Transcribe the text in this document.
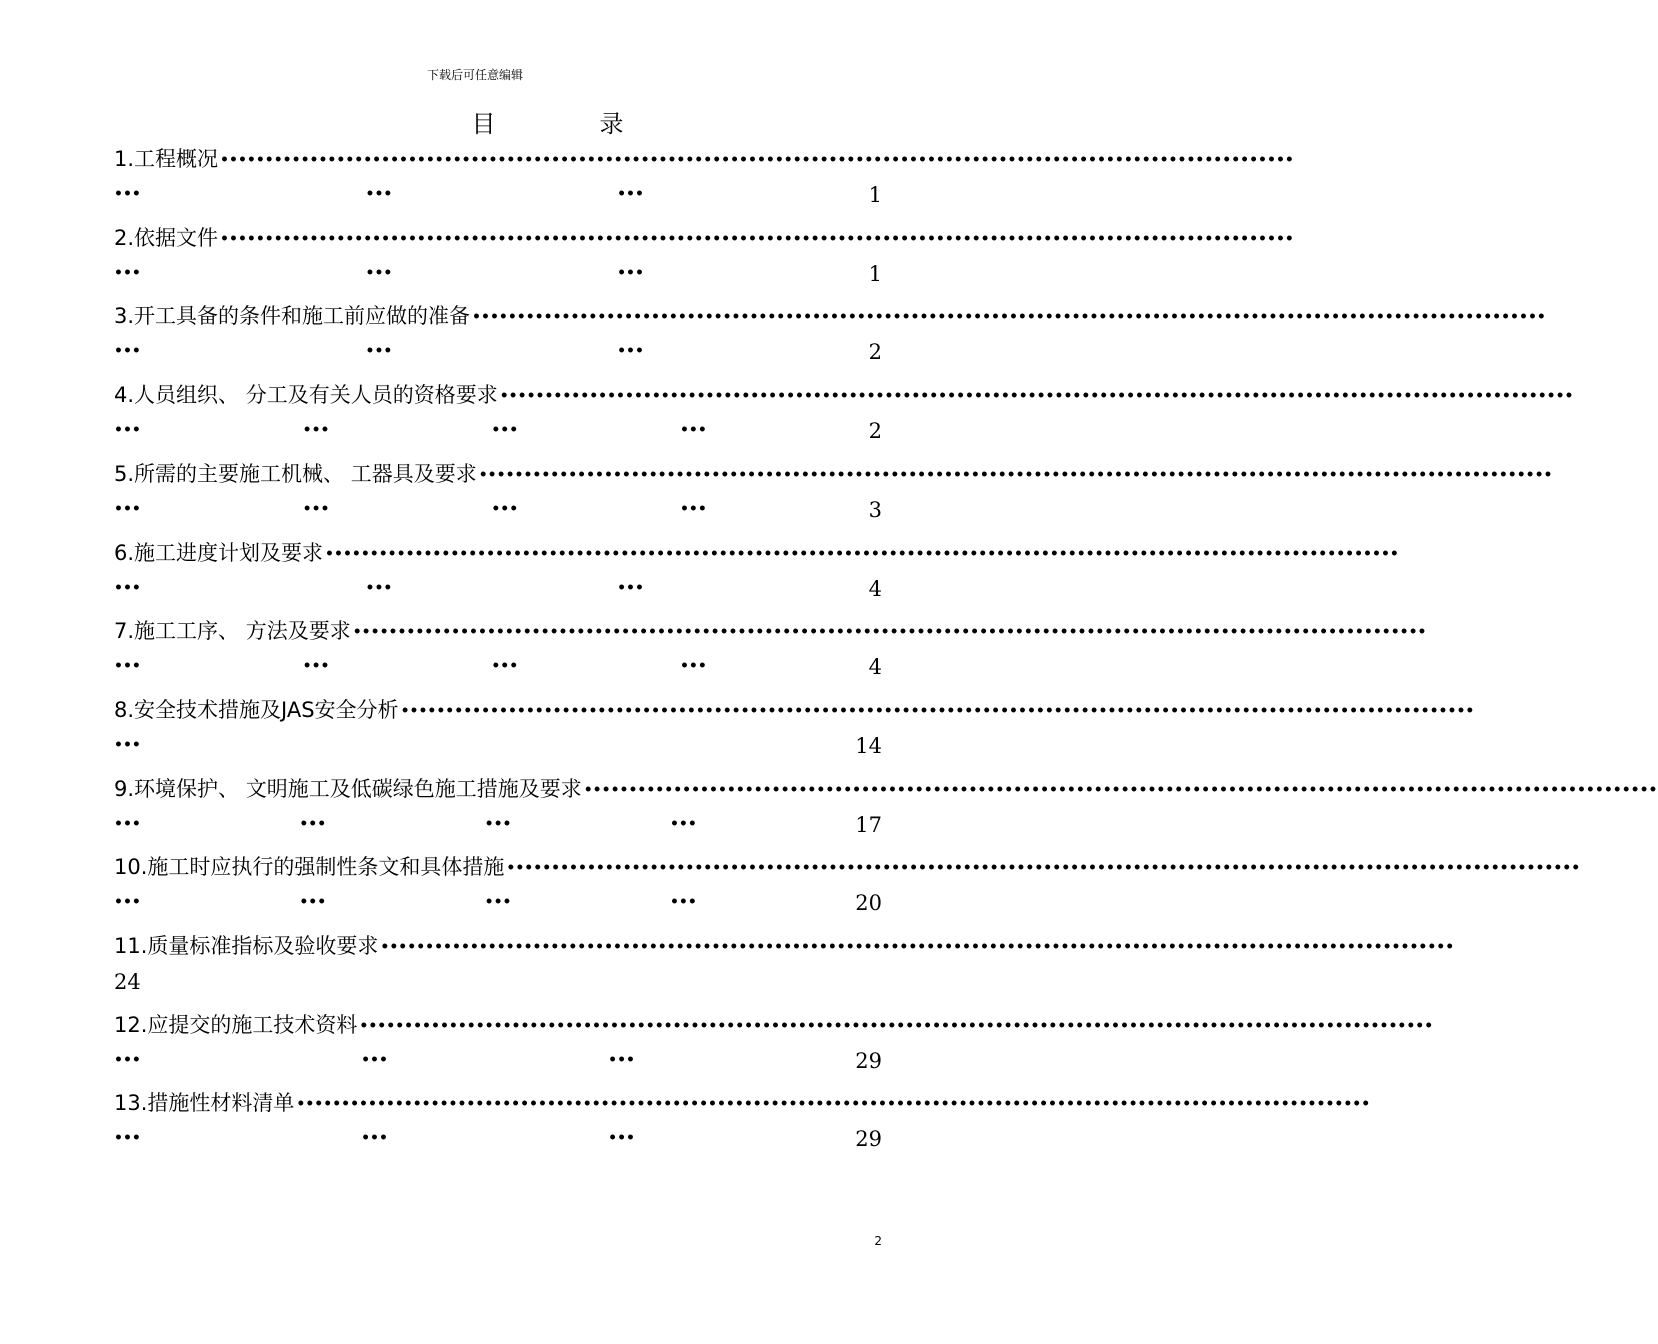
下载后可任意编辑
目	录
1.工程概况 ••••••••••••••••••••••••••••••••••••••••••••••••••••••••••••••••••••••••••••••••••••••••••••••••••••••••••••••••••••••••
•••	•••	•••	1
2.依据文件 ••••••••••••••••••••••••••••••••••••••••••••••••••••••••••••••••••••••••••••••••••••••••••••••••••••••••••••••••••••••••
•••	•••	•••	1
3.开工具备的条件和施工前应做的准备 ••••••••••••••••••••••••••••••••••••••••••••••••••••••••••••••••••••••••••••••••••••••••••••••••••••••••••••••••••••••••
•••	•••	•••	2
4.人员组织、 分工及有关人员的资格要求 ••••••••••••••••••••••••••••••••••••••••••••••••••••••••••••••••••••••••••••••••••••••••••••••••••••••••••••••••••••••••
•••	•••	•••	•••	2
5.所需的主要施工机械、 工器具及要求 ••••••••••••••••••••••••••••••••••••••••••••••••••••••••••••••••••••••••••••••••••••••••••••••••••••••••••••••••••••••••
•••	•••	•••	•••	3
6.施工进度计划及要求 ••••••••••••••••••••••••••••••••••••••••••••••••••••••••••••••••••••••••••••••••••••••••••••••••••••••••••••••••••••••••
•••	•••	•••	4
7.施工工序、 方法及要求 ••••••••••••••••••••••••••••••••••••••••••••••••••••••••••••••••••••••••••••••••••••••••••••••••••••••••••••••••••••••••
•••	•••	•••	•••	4
8.安全技术措施及JAS安全分析 ••••••••••••••••••••••••••••••••••••••••••••••••••••••••••••••••••••••••••••••••••••••••••••••••••••••••••••••••••••••••
•••	14
9.环境保护、 文明施工及低碳绿色施工措施及要求 ••••••••••••••••••••••••••••••••••••••••••••••••••••••••••••••••••••••••••••••••••••••••••••••••••••••••••••••••••••••••
•••	•••	•••	•••	17
10.施工时应执行的强制性条文和具体措施 ••••••••••••••••••••••••••••••••••••••••••••••••••••••••••••••••••••••••••••••••••••••••••••••••••••••••••••••••••••••••
•••	•••	•••	•••	20
11.质量标准指标及验收要求 ••••••••••••••••••••••••••••••••••••••••••••••••••••••••••••••••••••••••••••••••••••••••••••••••••••••••••••••••••••••••
24
12.应提交的施工技术资料 ••••••••••••••••••••••••••••••••••••••••••••••••••••••••••••••••••••••••••••••••••••••••••••••••••••••••••••••••••••••••
•••	•••	•••	29
13.措施性材料清单 ••••••••••••••••••••••••••••••••••••••••••••••••••••••••••••••••••••••••••••••••••••••••••••••••••••••••••••••••••••••••
•••	•••	•••	29
2
